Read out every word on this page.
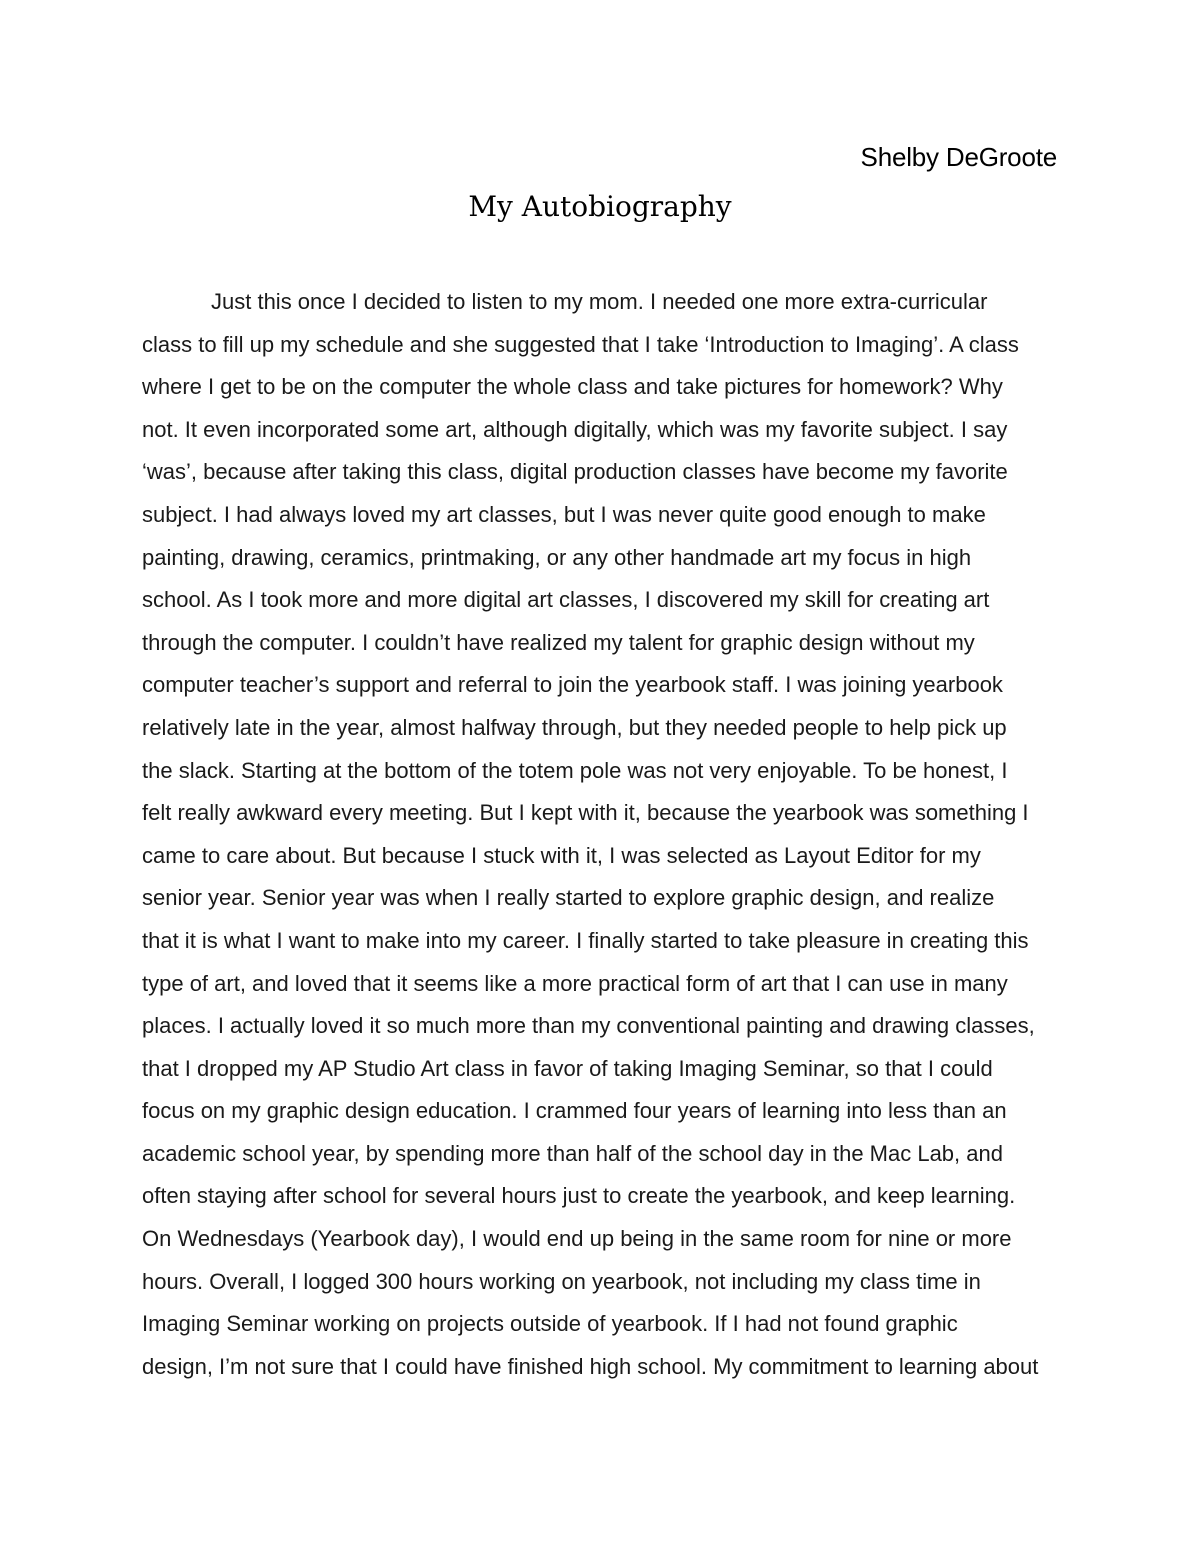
Shelby DeGroote
My Autobiography
Just this once I decided to listen to my mom. I needed one more extra-curricular
class to fill up my schedule and she suggested that I take ‘Introduction to Imaging’. A class
where I get to be on the computer the whole class and take pictures for homework? Why
not. It even incorporated some art, although digitally, which was my favorite subject. I say
‘was’, because after taking this class, digital production classes have become my favorite
subject. I had always loved my art classes, but I was never quite good enough to make
painting, drawing, ceramics, printmaking, or any other handmade art my focus in high
school. As I took more and more digital art classes, I discovered my skill for creating art
through the computer. I couldn’t have realized my talent for graphic design without my
computer teacher’s support and referral to join the yearbook staff. I was joining yearbook
relatively late in the year, almost halfway through, but they needed people to help pick up
the slack. Starting at the bottom of the totem pole was not very enjoyable. To be honest, I
felt really awkward every meeting. But I kept with it, because the yearbook was something I
came to care about. But because I stuck with it, I was selected as Layout Editor for my
senior year. Senior year was when I really started to explore graphic design, and realize
that it is what I want to make into my career. I finally started to take pleasure in creating this
type of art, and loved that it seems like a more practical form of art that I can use in many
places. I actually loved it so much more than my conventional painting and drawing classes,
that I dropped my AP Studio Art class in favor of taking Imaging Seminar, so that I could
focus on my graphic design education. I crammed four years of learning into less than an
academic school year, by spending more than half of the school day in the Mac Lab, and
often staying after school for several hours just to create the yearbook, and keep learning.
On Wednesdays (Yearbook day), I would end up being in the same room for nine or more
hours. Overall, I logged 300 hours working on yearbook, not including my class time in
Imaging Seminar working on projects outside of yearbook. If I had not found graphic
design, I’m not sure that I could have finished high school. My commitment to learning about
